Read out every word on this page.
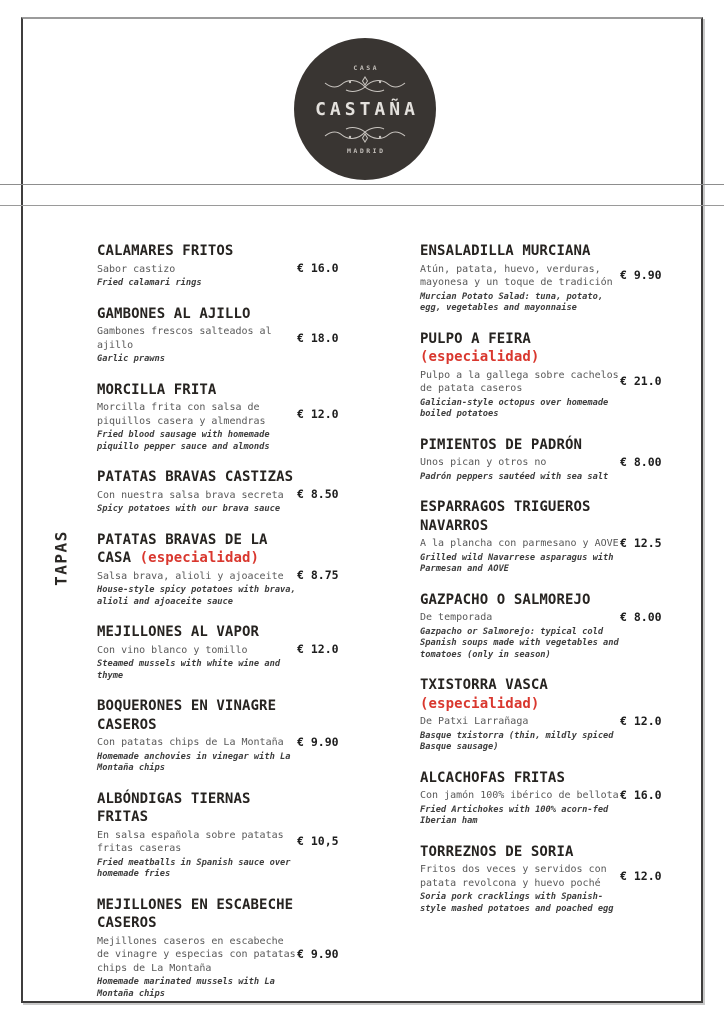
CASA
CASTAÑA
MADRID
TAPAS
CALAMARES FRITOS
Sabor castizo	€ 16.0
Fried calamari rings
GAMBONES AL AJILLO
Gambones frescos salteados al ajillo
€ 18.0
Garlic prawns
MORCILLA FRITA
Morcilla frita con salsa de piquillos casera y almendras
€ 12.0
Fried blood sausage with homemade piquillo pepper sauce and almonds
PATATAS BRAVAS CASTIZAS
Con nuestra salsa brava secreta	€ 8.50
Spicy potatoes with our brava sauce
PATATAS BRAVAS DE LA CASA (especialidad)
Salsa brava, alioli y ajoaceite	€ 8.75
House-style spicy potatoes with brava, alioli and ajoaceite sauce
MEJILLONES AL VAPOR
Con vino blanco y tomillo	€ 12.0
Steamed mussels with white wine and thyme
BOQUERONES EN VINAGRE CASEROS
Con patatas chips de La Montaña	€ 9.90
Homemade anchovies in vinegar with La Montaña chips
ALBÓNDIGAS TIERNAS FRITAS
En salsa española sobre patatas fritas caseras
€ 10,5
Fried meatballs in Spanish sauce over homemade fries
MEJILLONES EN ESCABECHE CASEROS
Mejillones caseros en escabeche de vinagre y especias con patatas chips de La Montaña
€ 9.90
Homemade marinated mussels with La Montaña chips
ENSALADILLA MURCIANA
Atún, patata, huevo, verduras, mayonesa y un toque de tradición
€ 9.90
Murcian Potato Salad: tuna, potato, egg, vegetables and mayonnaise
PULPO A FEIRA
(especialidad)
Pulpo a la gallega sobre cachelos de patata caseros
€ 21.0
Galician-style octopus over homemade boiled potatoes
PIMIENTOS DE PADRÓN
Unos pican y otros no	€ 8.00
Padrón peppers sautéed with sea salt
ESPARRAGOS TRIGUEROS NAVARROS
A la plancha con parmesano y AOVE € 12.5
Grilled wild Navarrese asparagus with Parmesan and AOVE
GAZPACHO O SALMOREJO
De temporada	€ 8.00
Gazpacho or Salmorejo: typical cold Spanish soups made with vegetables and tomatoes (only in season)
TXISTORRA VASCA
(especialidad)
De Patxi Larrañaga	€ 12.0
Basque txistorra (thin, mildly spiced Basque sausage)
ALCACHOFAS FRITAS
Con jamón 100% ibérico de bellota € 16.0
Fried Artichokes with 100% acorn-fed Iberian ham
TORREZNOS DE SORIA
Fritos dos veces y servidos con patata revolcona y huevo poché
€ 12.0
Soria pork cracklings with Spanish-style mashed potatoes and poached egg
